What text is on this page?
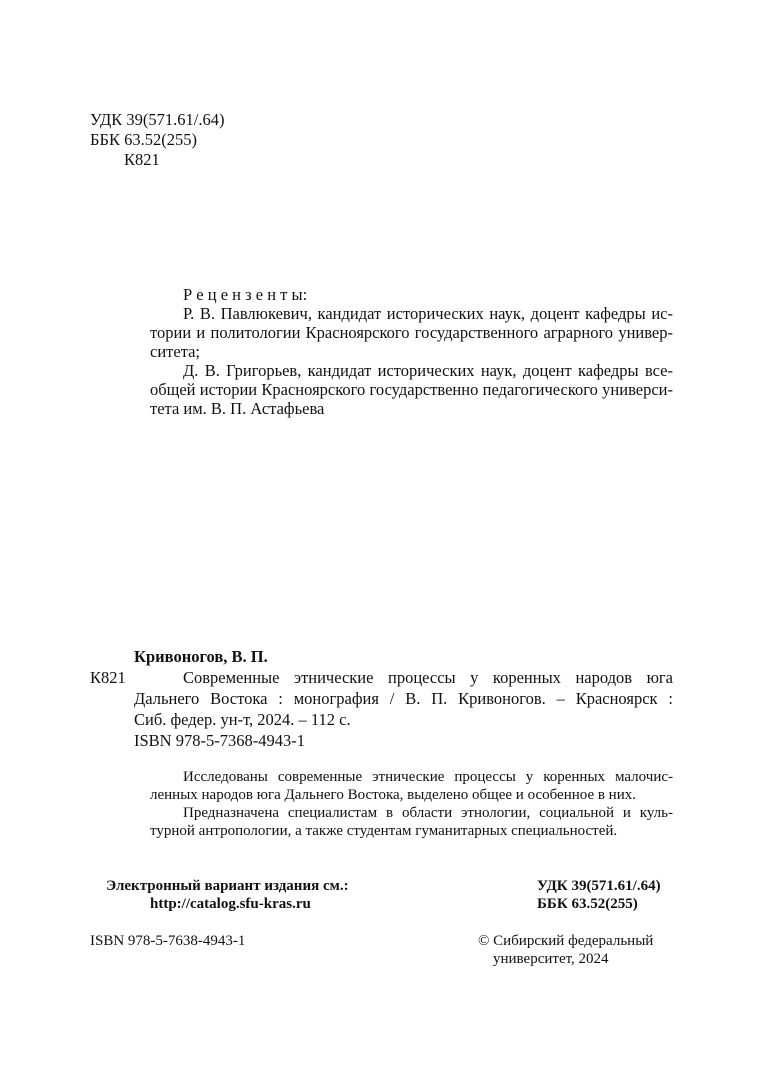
УДК 39(571.61/.64)
ББК 63.52(255)
К821
Р е ц е н з е н т ы:
Р. В. Павлюкевич, кандидат исторических наук, доцент кафедры ис-
тории и политологии Красноярского государственного аграрного универ-
ситета;
Д. В. Григорьев, кандидат исторических наук, доцент кафедры все-
общей истории Красноярского государственно педагогического универси-
тета им. В. П. Астафьева
Кривоногов, В. П.
К821	Современные этнические процессы у коренных народов юга
Дальнего Востока : монография / В. П. Кривоногов. – Красноярск :
Сиб. федер. ун-т, 2024. – 112 с.
ISBN 978-5-7368-4943-1
Исследованы современные этнические процессы у коренных малочис-
ленных народов юга Дальнего Востока, выделено общее и особенное в них.
Предназначена специалистам в области этнологии, социальной и куль-
турной антропологии, а также студентам гуманитарных специальностей.
Электронный вариант издания см.:
http://catalog.sfu-kras.ru
УДК 39(571.61/.64)
ББК 63.52(255)
ISBN 978-5-7638-4943-1	© Сибирский федеральный
университет, 2024
